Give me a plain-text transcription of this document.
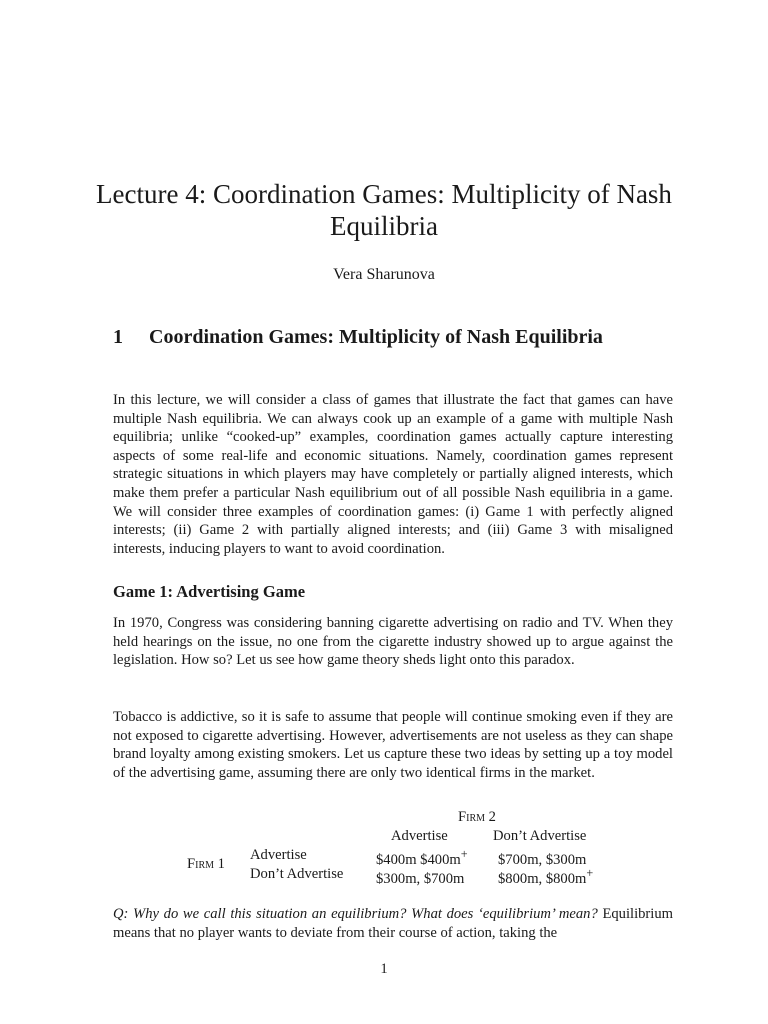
Lecture 4: Coordination Games: Multiplicity of Nash
Equilibria
Vera Sharunova
1	Coordination Games: Multiplicity of Nash Equilibria

In this lecture, we will consider a class of games that illustrate the fact that games can have multiple Nash equilibria. We can always cook up an example of a game with multiple Nash equilibria; unlike “cooked-up” examples, coordination games actually capture interesting aspects of some real-life and economic situations. Namely, coordination games represent strategic situations in which players may have completely or partially aligned interests, which make them prefer a particular Nash equilibrium out of all possible Nash equilibria in a game. We will consider three examples of coordination games: (i) Game 1 with perfectly aligned interests; (ii) Game 2 with partially aligned interests; and (iii) Game 3 with misaligned interests, inducing players to want to avoid coordination.

Game 1: Advertising Game

In 1970, Congress was considering banning cigarette advertising on radio and TV. When they held hearings on the issue, no one from the cigarette industry showed up to argue against the legislation. How so? Let us see how game theory sheds light onto this paradox.

Tobacco is addictive, so it is safe to assume that people will continue smoking even if they are not exposed to cigarette advertising. However, advertisements are not useless as they can shape brand loyalty among existing smokers. Let us capture these two ideas by setting up a toy model of the advertising game, assuming there are only two identical firms in the market.

Firm 2
Advertise	Don’t Advertise
Firm 1
Advertise
Don’t Advertise
$400m $400m+ $700m, $300m
$300m, $700m $800m, $800m+

Q: Why do we call this situation an equilibrium? What does ‘equilibrium’ mean? Equilibrium means that no player wants to deviate from their course of action, taking the

1
